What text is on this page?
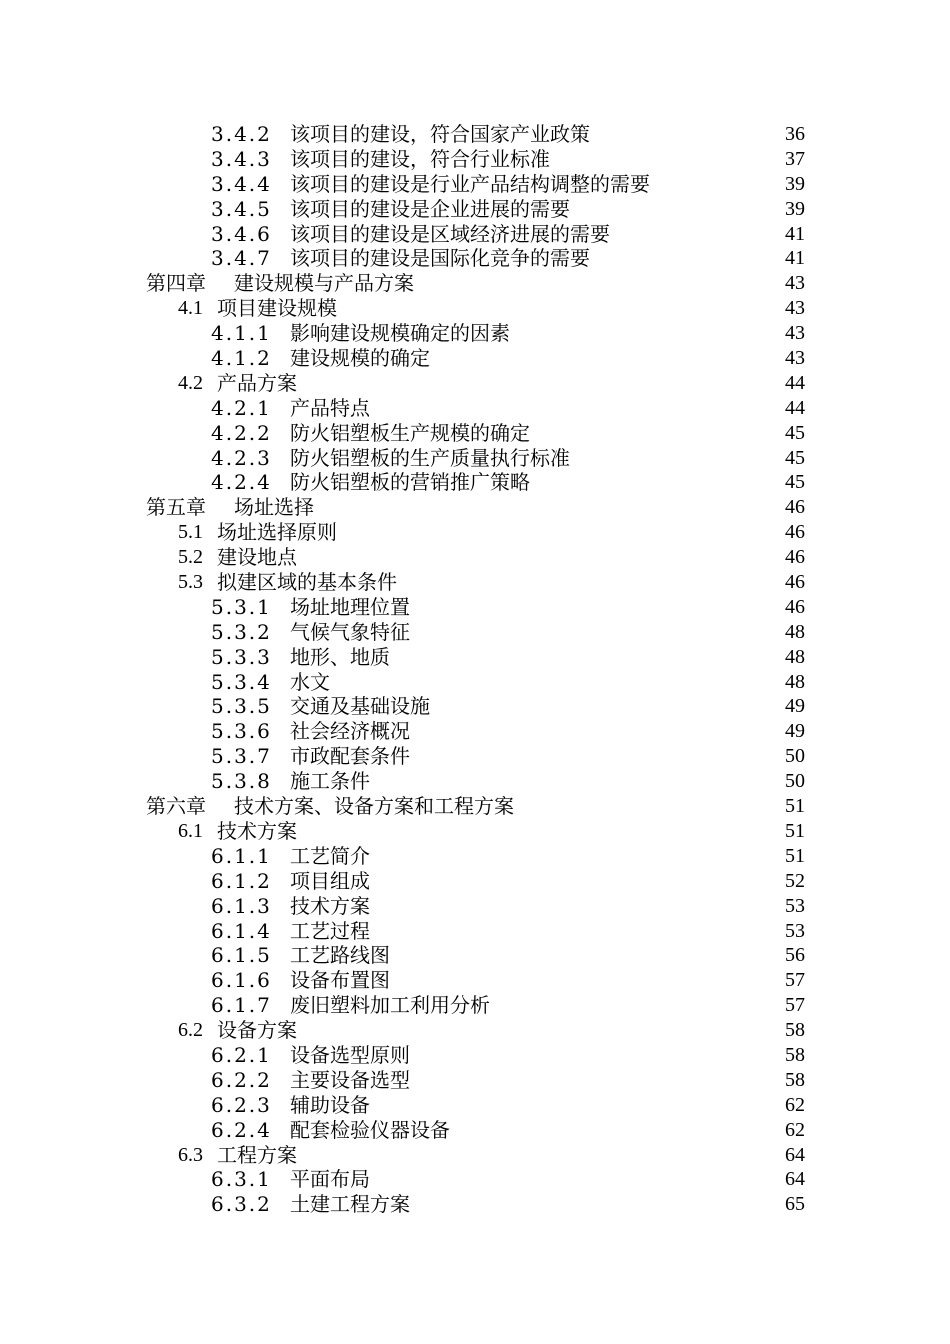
3.4.2 该项目的建设，符合国家产业政策	36
3.4.3 该项目的建设，符合行业标准	37
3.4.4 该项目的建设是行业产品结构调整的需要	39
3.4.5 该项目的建设是企业进展的需要	39
3.4.6 该项目的建设是区域经济进展的需要	41
3.4.7 该项目的建设是国际化竞争的需要	41
第四章 建设规模与产品方案	43
4.1 项目建设规模	43
4.1.1 影响建设规模确定的因素	43
4.1.2 建设规模的确定	43
4.2 产品方案	44
4.2.1 产品特点	44
4.2.2 防火铝塑板生产规模的确定	45
4.2.3 防火铝塑板的生产质量执行标准	45
4.2.4 防火铝塑板的营销推广策略	45
第五章 场址选择	46
5.1 场址选择原则	46
5.2 建设地点	46
5.3 拟建区域的基本条件	46
5.3.1 场址地理位置	46
5.3.2 气候气象特征	48
5.3.3 地形、地质	48
5.3.4 水文	48
5.3.5 交通及基础设施	49
5.3.6 社会经济概况	49
5.3.7 市政配套条件	50
5.3.8 施工条件	50
第六章 技术方案、设备方案和工程方案	51
6.1 技术方案	51
6.1.1 工艺简介	51
6.1.2 项目组成	52
6.1.3 技术方案	53
6.1.4 工艺过程	53
6.1.5 工艺路线图	56
6.1.6 设备布置图	57
6.1.7 废旧塑料加工利用分析	57
6.2 设备方案	58
6.2.1 设备选型原则	58
6.2.2 主要设备选型	58
6.2.3 辅助设备	62
6.2.4 配套检验仪器设备	62
6.3 工程方案	64
6.3.1 平面布局	64
6.3.2 土建工程方案	65
